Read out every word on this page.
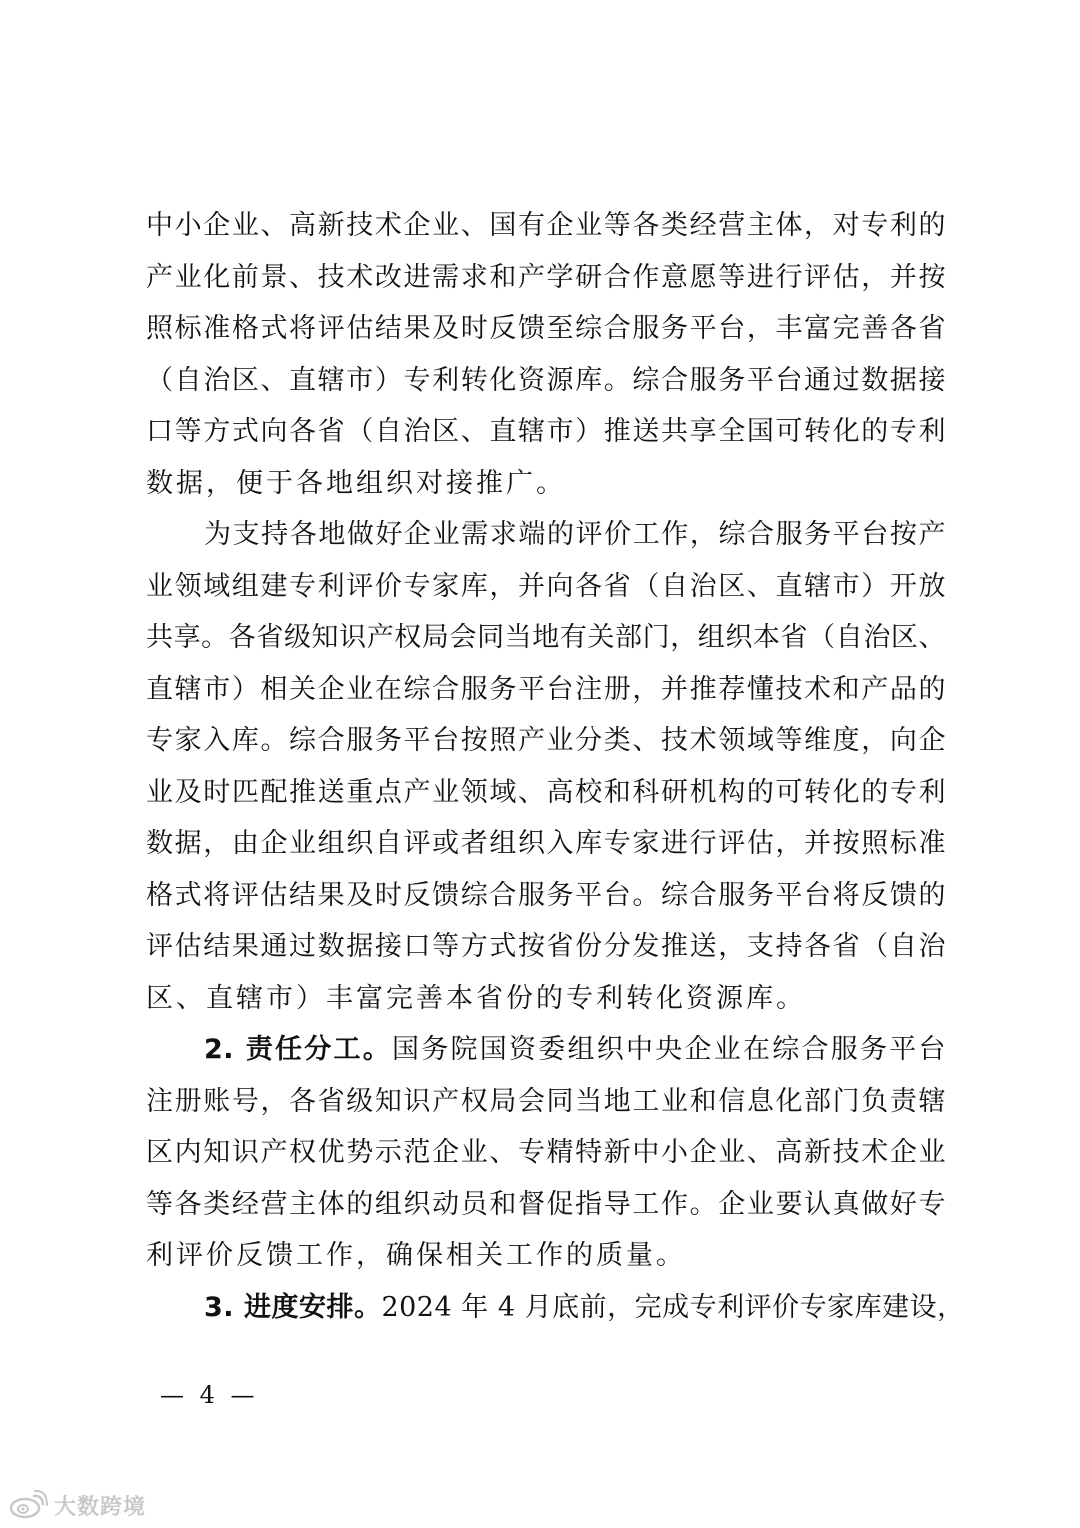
中小企业、高新技术企业、国有企业等各类经营主体，对专利的
产业化前景、技术改进需求和产学研合作意愿等进行评估，并按
照标准格式将评估结果及时反馈至综合服务平台，丰富完善各省
（自治区、直辖市）专利转化资源库。综合服务平台通过数据接
口等方式向各省（自治区、直辖市）推送共享全国可转化的专利
数据，便于各地组织对接推广。
为支持各地做好企业需求端的评价工作，综合服务平台按产
业领域组建专利评价专家库，并向各省（自治区、直辖市）开放
共享。各省级知识产权局会同当地有关部门，组织本省（自治区、
直辖市）相关企业在综合服务平台注册，并推荐懂技术和产品的
专家入库。综合服务平台按照产业分类、技术领域等维度，向企
业及时匹配推送重点产业领域、高校和科研机构的可转化的专利
数据，由企业组织自评或者组织入库专家进行评估，并按照标准
格式将评估结果及时反馈综合服务平台。综合服务平台将反馈的
评估结果通过数据接口等方式按省份分发推送，支持各省（自治
区、直辖市）丰富完善本省份的专利转化资源库。
2. 责任分工。国务院国资委组织中央企业在综合服务平台
注册账号，各省级知识产权局会同当地工业和信息化部门负责辖
区内知识产权优势示范企业、专精特新中小企业、高新技术企业
等各类经营主体的组织动员和督促指导工作。企业要认真做好专
利评价反馈工作，确保相关工作的质量。
3. 进度安排。2024 年 4 月底前，完成专利评价专家库建设，
— 4 —
大数跨境
